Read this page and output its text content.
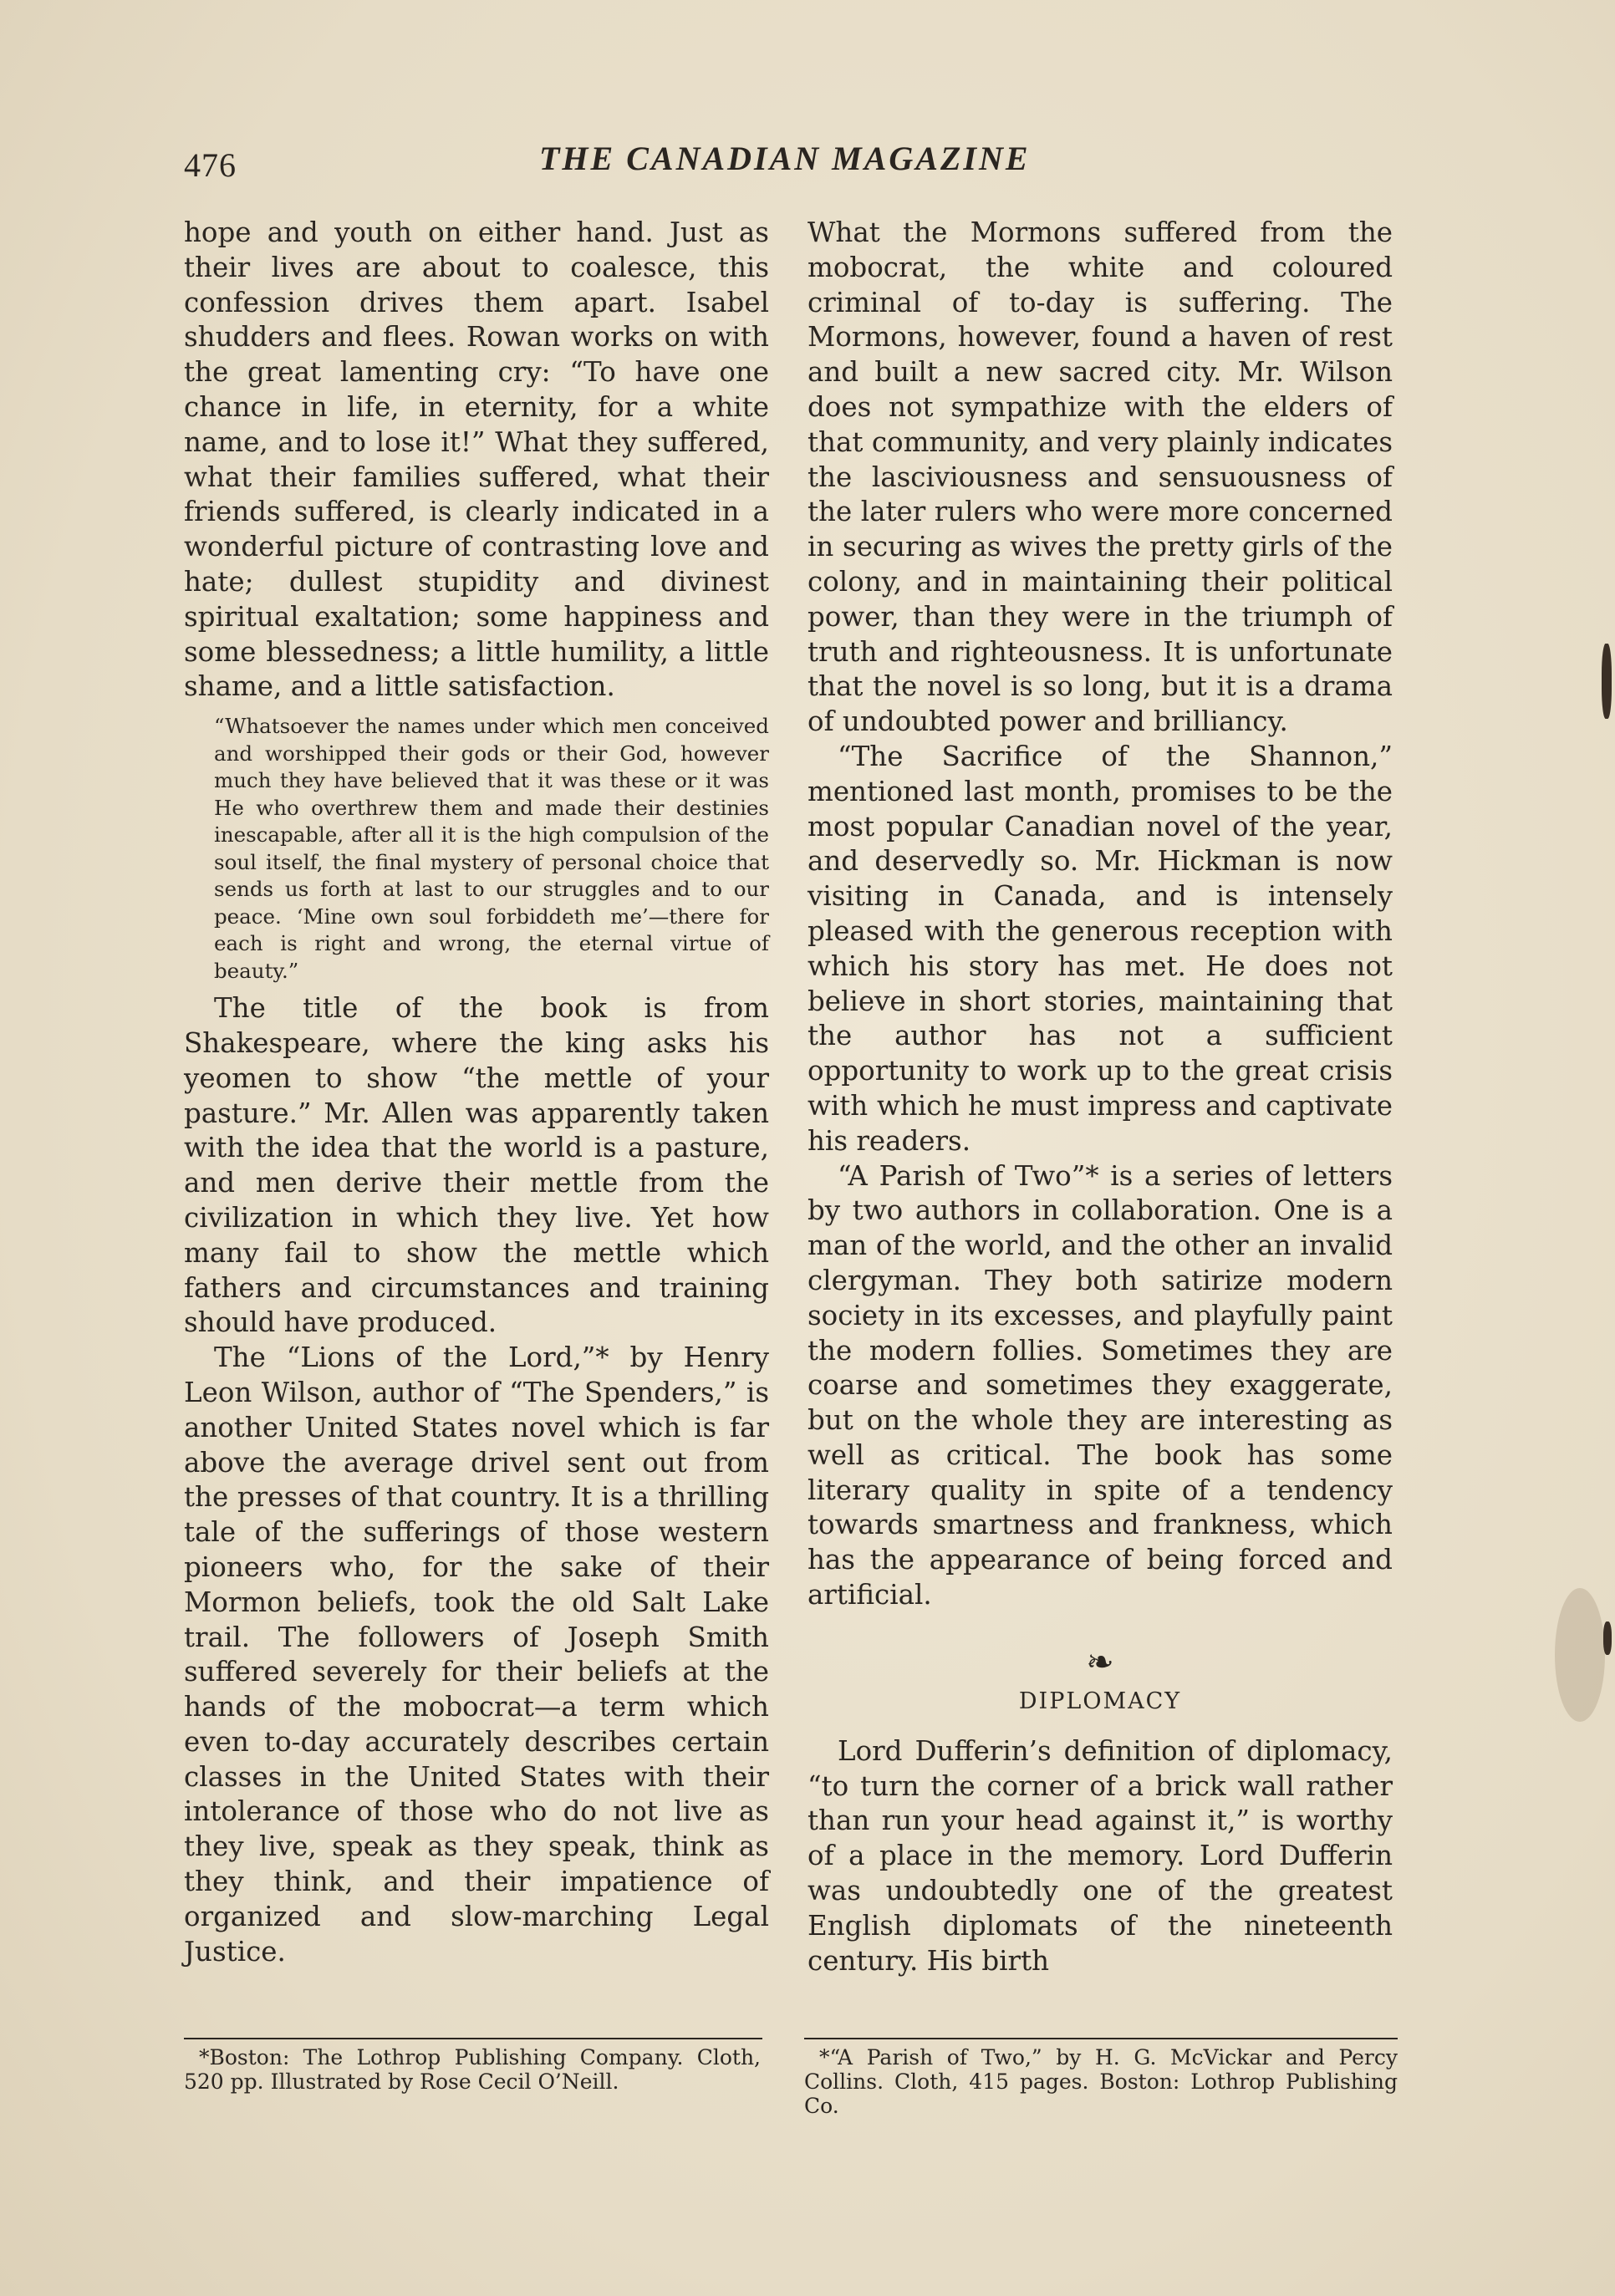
476	THE CANADIAN MAGAZINE

hope and youth on either hand. Just as their lives are about to coalesce, this confession drives them apart. Isabel shudders and flees. Rowan works on with the great lamenting cry: “To have one chance in life, in eternity, for a white name, and to lose it!” What they suffered, what their families suffered, what their friends suffered, is clearly indicated in a wonderful picture of contrasting love and hate; dullest stupidity and divinest spiritual exaltation; some happiness and some blessedness; a little humility, a little shame, and a little satisfaction.

“Whatsoever the names under which men conceived and worshipped their gods or their God, however much they have believed that it was these or it was He who overthrew them and made their destinies inescapable, after all it is the high compulsion of the soul itself, the final mystery of personal choice that sends us forth at last to our struggles and to our peace. ‘Mine own soul forbiddeth me’—there for each is right and wrong, the eternal virtue of beauty.”

The title of the book is from Shakespeare, where the king asks his yeomen to show “the mettle of your pasture.” Mr. Allen was apparently taken with the idea that the world is a pasture, and men derive their mettle from the civilization in which they live. Yet how many fail to show the mettle which fathers and circumstances and training should have produced.

The “Lions of the Lord,”* by Henry Leon Wilson, author of “The Spenders,” is another United States novel which is far above the average drivel sent out from the presses of that country. It is a thrilling tale of the sufferings of those western pioneers who, for the sake of their Mormon beliefs, took the old Salt Lake trail. The followers of Joseph Smith suffered severely for their beliefs at the hands of the mobocrat—a term which even to-day accurately describes certain classes in the United States with their intolerance of those who do not live as they live, speak as they speak, think as they think, and their impatience of organized and slow-marching Legal Justice.

What the Mormons suffered from the mobocrat, the white and coloured criminal of to-day is suffering. The Mormons, however, found a haven of rest and built a new sacred city. Mr. Wilson does not sympathize with the elders of that community, and very plainly indicates the lasciviousness and sensuousness of the later rulers who were more concerned in securing as wives the pretty girls of the colony, and in maintaining their political power, than they were in the triumph of truth and righteousness. It is unfortunate that the novel is so long, but it is a drama of undoubted power and brilliancy.

“The Sacrifice of the Shannon,” mentioned last month, promises to be the most popular Canadian novel of the year, and deservedly so. Mr. Hickman is now visiting in Canada, and is intensely pleased with the generous reception with which his story has met. He does not believe in short stories, maintaining that the author has not a sufficient opportunity to work up to the great crisis with which he must impress and captivate his readers.

“A Parish of Two”* is a series of letters by two authors in collaboration. One is a man of the world, and the other an invalid clergyman. They both satirize modern society in its excesses, and playfully paint the modern follies. Sometimes they are coarse and sometimes they exaggerate, but on the whole they are interesting as well as critical. The book has some literary quality in spite of a tendency towards smartness and frankness, which has the appearance of being forced and artificial.

❧
DIPLOMACY

Lord Dufferin’s definition of diplomacy, “to turn the corner of a brick wall rather than run your head against it,” is worthy of a place in the memory. Lord Dufferin was undoubtedly one of the greatest English diplomats of the nineteenth century. His birth

*Boston: The Lothrop Publishing Company. Cloth, 520 pp. Illustrated by Rose Cecil O’Neill.
*“A Parish of Two,” by H. G. McVickar and Percy Collins. Cloth, 415 pages. Boston: Lothrop Publishing Co.
